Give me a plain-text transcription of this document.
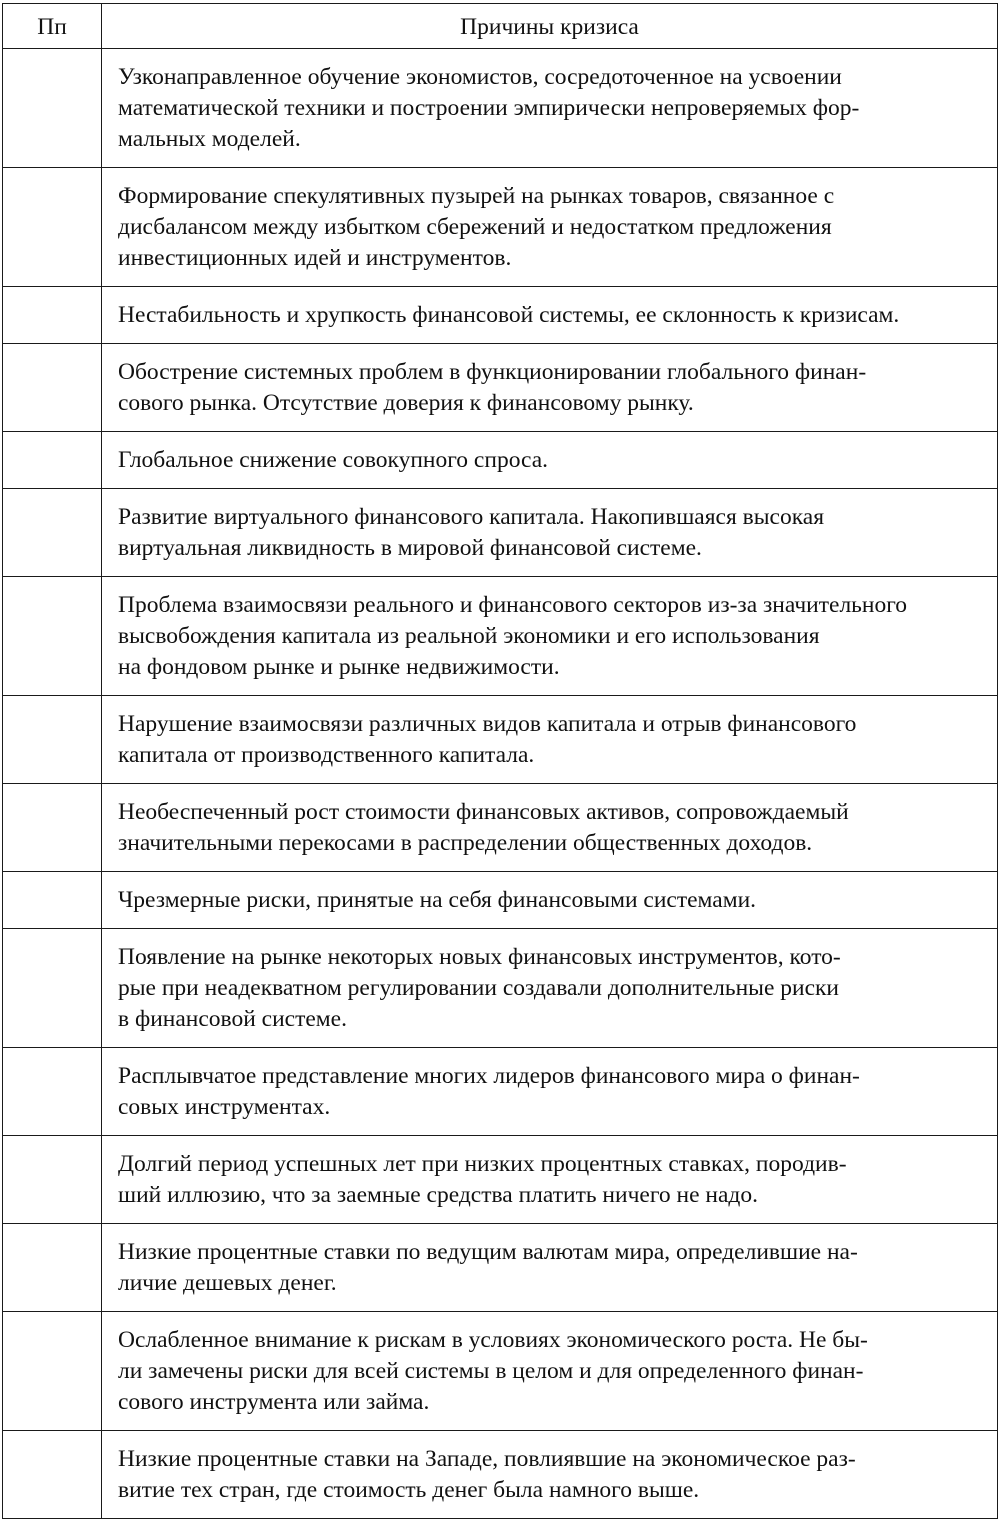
Пп	Причины кризиса

	Узконаправленное обучение экономистов, сосредоточенное на усвоении
математической техники и построении эмпирически непроверяемых фор-
мальных моделей.

	Формирование спекулятивных пузырей на рынках товаров, связанное с
дисбалансом между избытком сбережений и недостатком предложения
инвестиционных идей и инструментов.

	Нестабильность и хрупкость финансовой системы, ее склонность к кризисам.

	Обострение системных проблем в функционировании глобального финан-
сового рынка. Отсутствие доверия к финансовому рынку.

	Глобальное снижение совокупного спроса.

	Развитие виртуального финансового капитала. Накопившаяся высокая
виртуальная ликвидность в мировой финансовой системе.

	Проблема взаимосвязи реального и финансового секторов из-за значительного
высвобождения капитала из реальной экономики и его использования
на фондовом рынке и рынке недвижимости.

	Нарушение взаимосвязи различных видов капитала и отрыв финансового
капитала от производственного капитала.

	Необеспеченный рост стоимости финансовых активов, сопровождаемый
значительными перекосами в распределении общественных доходов.

	Чрезмерные риски, принятые на себя финансовыми системами.

	Появление на рынке некоторых новых финансовых инструментов, кото-
рые при неадекватном регулировании создавали дополнительные риски
в финансовой системе.

	Расплывчатое представление многих лидеров финансового мира о финан-
совых инструментах.

	Долгий период успешных лет при низких процентных ставках, породив-
ший иллюзию, что за заемные средства платить ничего не надо.

	Низкие процентные ставки по ведущим валютам мира, определившие на-
личие дешевых денег.

	Ослабленное внимание к рискам в условиях экономического роста. Не бы-
ли замечены риски для всей системы в целом и для определенного финан-
сового инструмента или займа.

	Низкие процентные ставки на Западе, повлиявшие на экономическое раз-
витие тех стран, где стоимость денег была намного выше.
